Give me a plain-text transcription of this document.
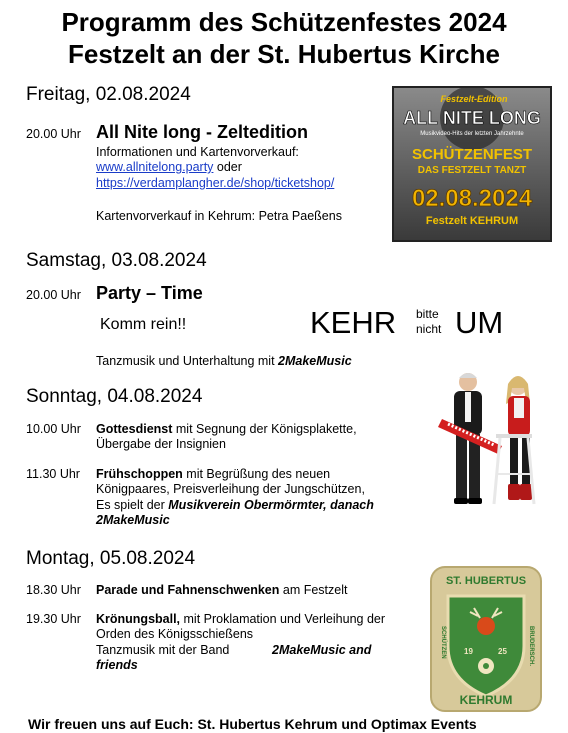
Programm des Schützenfestes 2024
Festzelt an der St. Hubertus Kirche
Freitag, 02.08.2024
20.00 Uhr All Nite long - Zeltedition
Informationen und Kartenvorverkauf:
www.allnitelong.party oder
https://verdamplangher.de/shop/ticketshop/
Kartenvorverkauf in Kehrum: Petra Paeßens
Festzelt-Edition
ALL NITE LONG
Musikvideo-Hits der letzten Jahrzehnte
SCHÜTZENFEST
DAS FESTZELT TANZT
02.08.2024
Festzelt KEHRUM
Samstag, 03.08.2024
20.00 Uhr Party – Time
Komm rein!!	KEHR bitte
nicht UM
Tanzmusik und Unterhaltung mit 2MakeMusic
Sonntag, 04.08.2024
10.00 Uhr Gottesdienst mit Segnung der Königsplakette,
Übergabe der Insignien
11.30 Uhr Frühschoppen mit Begrüßung des neuen
Königpaares, Preisverleihung der Jungschützen,
Es spielt der Musikverein Obermörmter, danach
2MakeMusic
Montag, 05.08.2024
18.30 Uhr Parade und Fahnenschwenken am Festzelt
19.30 Uhr Krönungsball, mit Proklamation und Verleihung der
Orden des Königsschießens
Tanzmusik mit der Band	2MakeMusic and
friends
ST. HUBERTUS
SCHÜTZEN	BRUDERSCH.
19	25
KEHRUM
Wir freuen uns auf Euch: St. Hubertus Kehrum und Optimax Events
